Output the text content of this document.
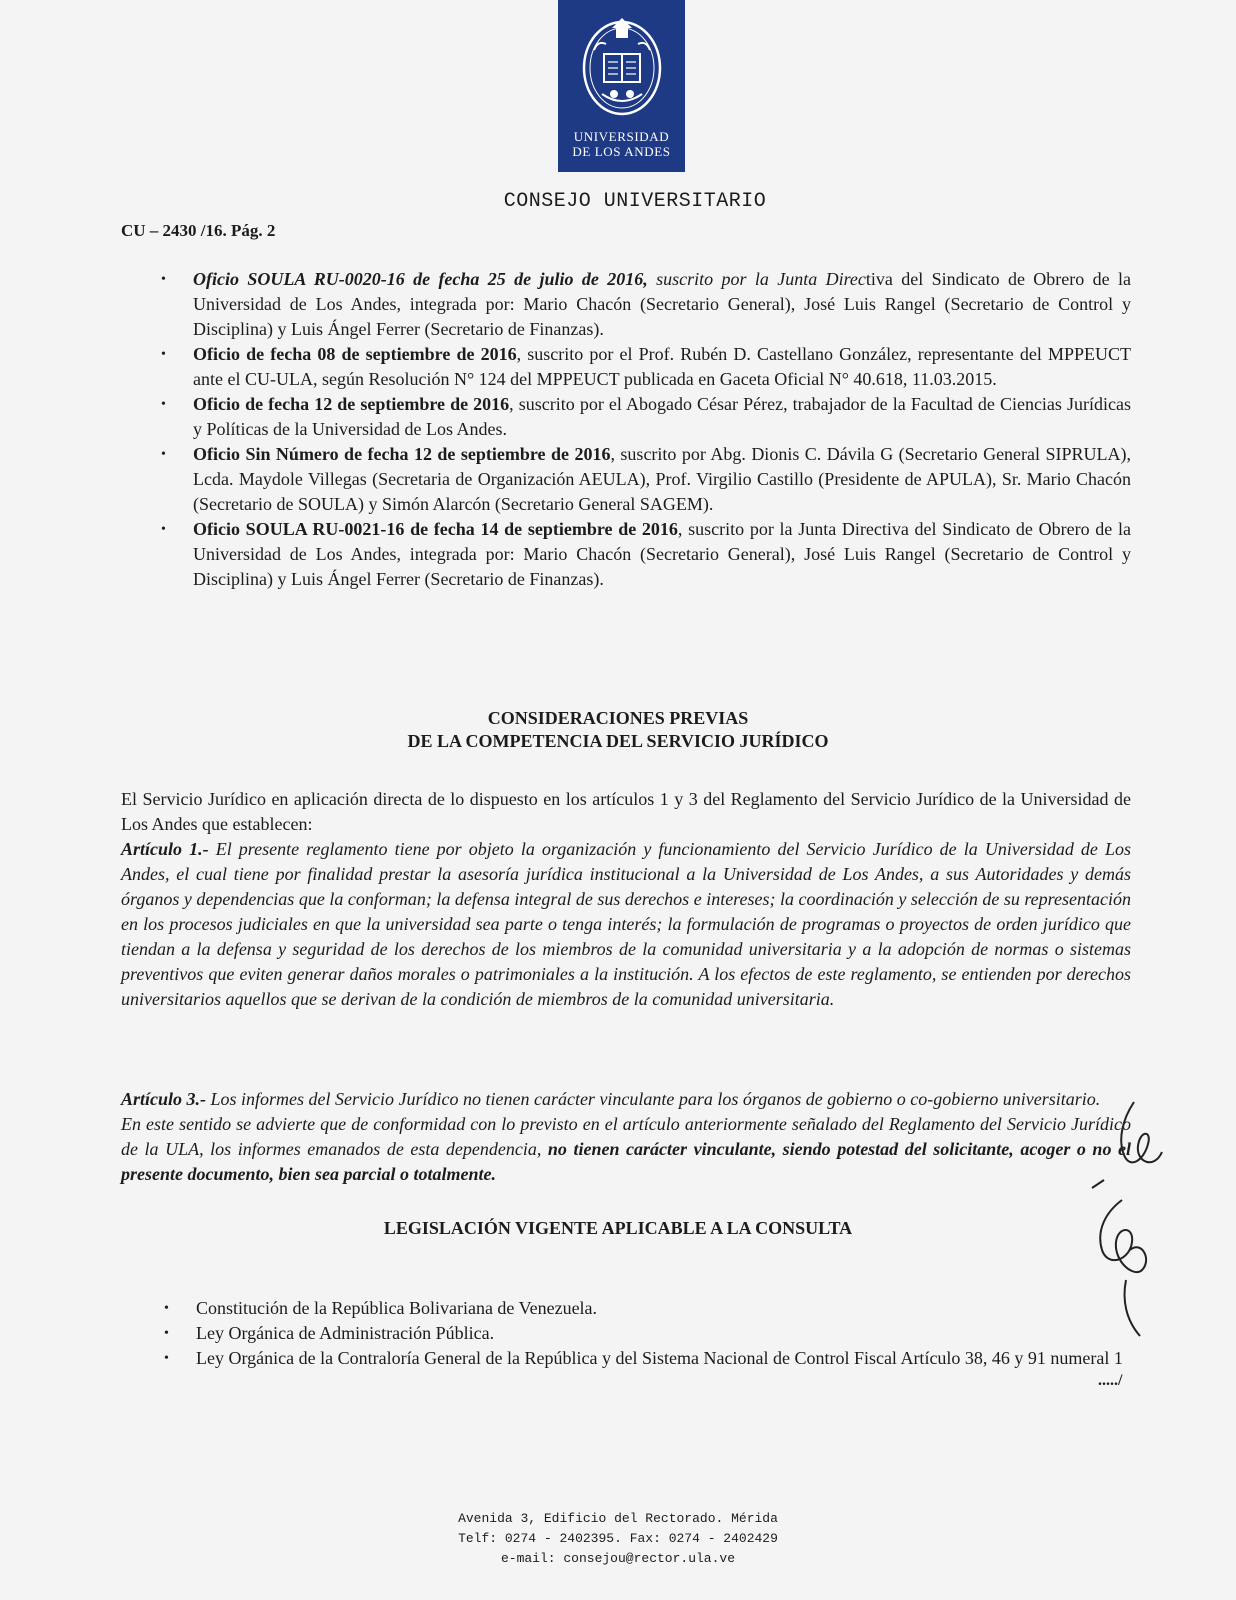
UNIVERSIDAD
DE LOS ANDES
CONSEJO UNIVERSITARIO
CU – 2430 /16. Pág. 2
• Oficio SOULA RU-0020-16 de fecha 25 de julio de 2016, suscrito por la Junta Directiva del Sindicato de Obrero de la Universidad de Los Andes, integrada por: Mario Chacón (Secretario General), José Luis Rangel (Secretario de Control y Disciplina) y Luis Ángel Ferrer (Secretario de Finanzas).
• Oficio de fecha 08 de septiembre de 2016, suscrito por el Prof. Rubén D. Castellano González, representante del MPPEUCT ante el CU-ULA, según Resolución N° 124 del MPPEUCT publicada en Gaceta Oficial N° 40.618, 11.03.2015.
• Oficio de fecha 12 de septiembre de 2016, suscrito por el Abogado César Pérez, trabajador de la Facultad de Ciencias Jurídicas y Políticas de la Universidad de Los Andes.
• Oficio Sin Número de fecha 12 de septiembre de 2016, suscrito por Abg. Dionis C. Dávila G (Secretario General SIPRULA), Lcda. Maydole Villegas (Secretaria de Organización AEULA), Prof. Virgilio Castillo (Presidente de APULA), Sr. Mario Chacón (Secretario de SOULA) y Simón Alarcón (Secretario General SAGEM).
• Oficio SOULA RU-0021-16 de fecha 14 de septiembre de 2016, suscrito por la Junta Directiva del Sindicato de Obrero de la Universidad de Los Andes, integrada por: Mario Chacón (Secretario General), José Luis Rangel (Secretario de Control y Disciplina) y Luis Ángel Ferrer (Secretario de Finanzas).
CONSIDERACIONES PREVIAS
DE LA COMPETENCIA DEL SERVICIO JURÍDICO
El Servicio Jurídico en aplicación directa de lo dispuesto en los artículos 1 y 3 del Reglamento del Servicio Jurídico de la Universidad de Los Andes que establecen:
Artículo 1.- El presente reglamento tiene por objeto la organización y funcionamiento del Servicio Jurídico de la Universidad de Los Andes, el cual tiene por finalidad prestar la asesoría jurídica institucional a la Universidad de Los Andes, a sus Autoridades y demás órganos y dependencias que la conforman; la defensa integral de sus derechos e intereses; la coordinación y selección de su representación en los procesos judiciales en que la universidad sea parte o tenga interés; la formulación de programas o proyectos de orden jurídico que tiendan a la defensa y seguridad de los derechos de los miembros de la comunidad universitaria y a la adopción de normas o sistemas preventivos que eviten generar daños morales o patrimoniales a la institución. A los efectos de este reglamento, se entienden por derechos universitarios aquellos que se derivan de la condición de miembros de la comunidad universitaria.
Artículo 3.- Los informes del Servicio Jurídico no tienen carácter vinculante para los órganos de gobierno o co-gobierno universitario.
En este sentido se advierte que de conformidad con lo previsto en el artículo anteriormente señalado del Reglamento del Servicio Jurídico de la ULA, los informes emanados de esta dependencia, no tienen carácter vinculante, siendo potestad del solicitante, acoger o no el presente documento, bien sea parcial o totalmente.
LEGISLACIÓN VIGENTE APLICABLE A LA CONSULTA
• Constitución de la República Bolivariana de Venezuela.
• Ley Orgánica de Administración Pública.
• Ley Orgánica de la Contraloría General de la República y del Sistema Nacional de Control Fiscal Artículo 38, 46 y 91 numeral 1
...../
Avenida 3, Edificio del Rectorado. Mérida
Telf: 0274 - 2402395. Fax: 0274 - 2402429
e-mail: consejou@rector.ula.ve
